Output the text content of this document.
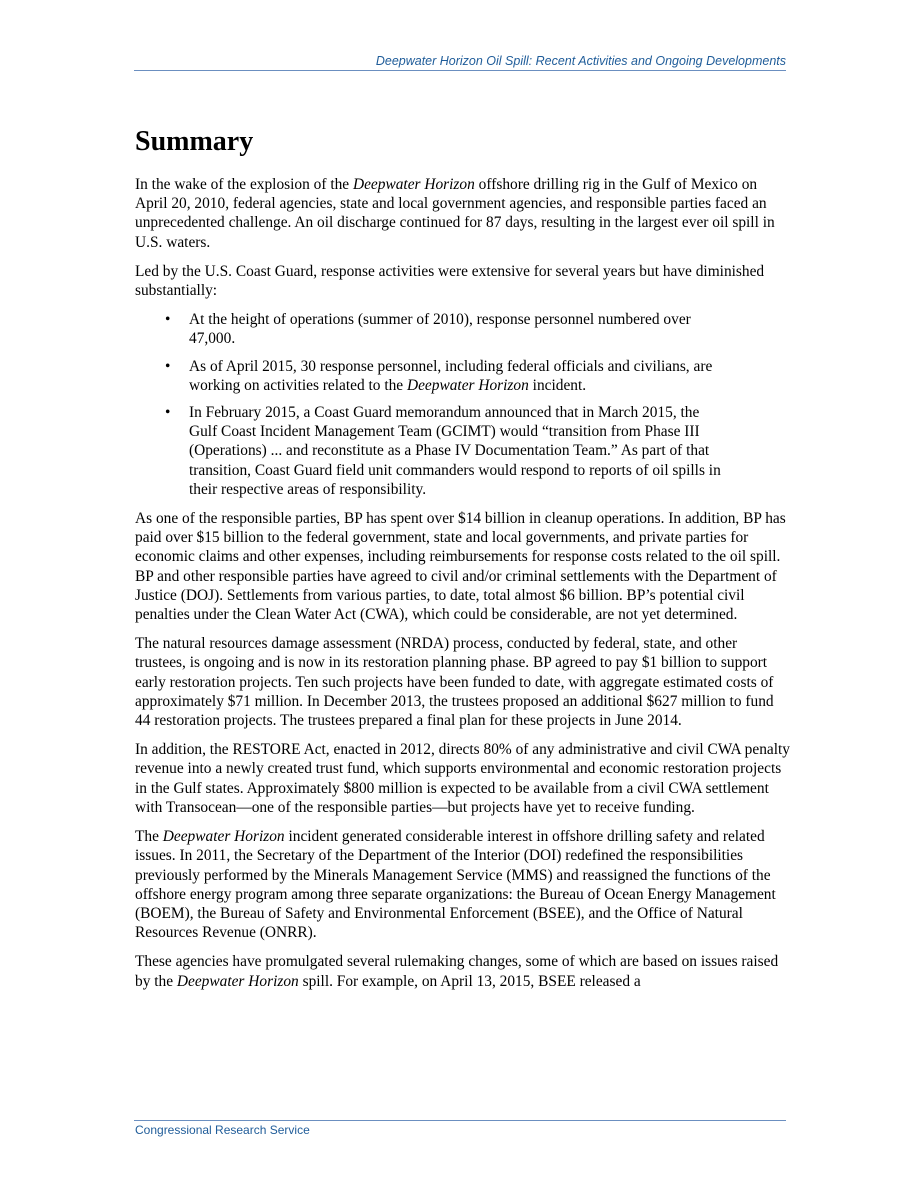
Deepwater Horizon Oil Spill: Recent Activities and Ongoing Developments
Summary

In the wake of the explosion of the Deepwater Horizon offshore drilling rig in the Gulf of Mexico on April 20, 2010, federal agencies, state and local government agencies, and responsible parties faced an unprecedented challenge. An oil discharge continued for 87 days, resulting in the largest ever oil spill in U.S. waters.

Led by the U.S. Coast Guard, response activities were extensive for several years but have diminished substantially:

• At the height of operations (summer of 2010), response personnel numbered over 47,000.
• As of April 2015, 30 response personnel, including federal officials and civilians, are working on activities related to the Deepwater Horizon incident.
• In February 2015, a Coast Guard memorandum announced that in March 2015, the Gulf Coast Incident Management Team (GCIMT) would “transition from Phase III (Operations) ... and reconstitute as a Phase IV Documentation Team.” As part of that transition, Coast Guard field unit commanders would respond to reports of oil spills in their respective areas of responsibility.

As one of the responsible parties, BP has spent over $14 billion in cleanup operations. In addition, BP has paid over $15 billion to the federal government, state and local governments, and private parties for economic claims and other expenses, including reimbursements for response costs related to the oil spill. BP and other responsible parties have agreed to civil and/or criminal settlements with the Department of Justice (DOJ). Settlements from various parties, to date, total almost $6 billion. BP’s potential civil penalties under the Clean Water Act (CWA), which could be considerable, are not yet determined.

The natural resources damage assessment (NRDA) process, conducted by federal, state, and other trustees, is ongoing and is now in its restoration planning phase. BP agreed to pay $1 billion to support early restoration projects. Ten such projects have been funded to date, with aggregate estimated costs of approximately $71 million. In December 2013, the trustees proposed an additional $627 million to fund 44 restoration projects. The trustees prepared a final plan for these projects in June 2014.

In addition, the RESTORE Act, enacted in 2012, directs 80% of any administrative and civil CWA penalty revenue into a newly created trust fund, which supports environmental and economic restoration projects in the Gulf states. Approximately $800 million is expected to be available from a civil CWA settlement with Transocean—one of the responsible parties—but projects have yet to receive funding.

The Deepwater Horizon incident generated considerable interest in offshore drilling safety and related issues. In 2011, the Secretary of the Department of the Interior (DOI) redefined the responsibilities previously performed by the Minerals Management Service (MMS) and reassigned the functions of the offshore energy program among three separate organizations: the Bureau of Ocean Energy Management (BOEM), the Bureau of Safety and Environmental Enforcement (BSEE), and the Office of Natural Resources Revenue (ONRR).

These agencies have promulgated several rulemaking changes, some of which are based on issues raised by the Deepwater Horizon spill. For example, on April 13, 2015, BSEE released a

Congressional Research Service
